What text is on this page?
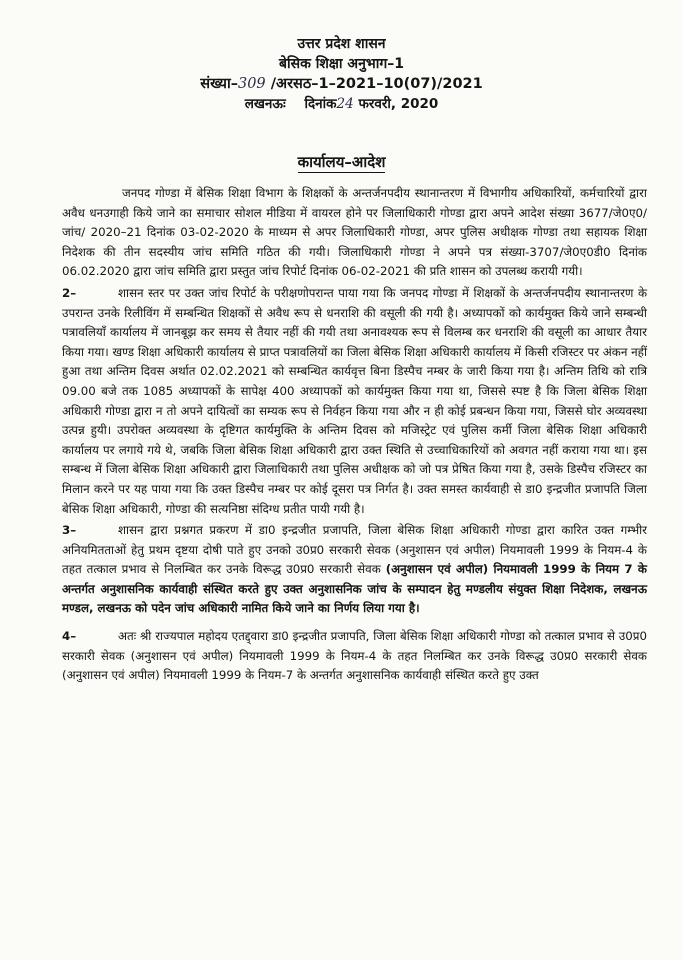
उत्तर प्रदेश शासन
बेसिक शिक्षा अनुभाग–1
संख्या–309 /अरसठ–1–2021–10(07)/2021
लखनऊः दिनांक24 फरवरी, 2020
कार्यालय–आदेश

जनपद गोण्डा में बेसिक शिक्षा विभाग के शिक्षकों के अन्तर्जनपदीय स्थानान्तरण में विभागीय अधिकारियों, कर्मचारियों द्वारा अवैध धनउगाही किये जाने का समाचार सोशल मीडिया में वायरल होने पर जिलाधिकारी गोण्डा द्वारा अपने आदेश संख्या 3677/जे0ए0/जांच/ 2020–21 दिनांक 03-02-2020 के माध्यम से अपर जिलाधिकारी गोण्डा, अपर पुलिस अधीक्षक गोण्डा तथा सहायक शिक्षा निदेशक की तीन सदस्यीय जांच समिति गठित की गयी। जिलाधिकारी गोण्डा ने अपने पत्र संख्या-3707/जे0ए0डी0 दिनांक 06.02.2020 द्वारा जांच समिति द्वारा प्रस्तुत जांच रिपोर्ट दिनांक 06-02-2021 की प्रति शासन को उपलब्ध करायी गयी।

2–	शासन स्तर पर उक्त जांच रिपोर्ट के परीक्षणोपरान्त पाया गया कि जनपद गोण्डा में शिक्षकों के अन्तर्जनपदीय स्थानान्तरण के उपरान्त उनके रिलीविंग में सम्बन्धित शिक्षकों से अवैध रूप से धनराशि की वसूली की गयी है। अध्यापकों को कार्यमुक्त किये जाने सम्बन्धी पत्रावलियाँ कार्यालय में जानबूझ कर समय से तैयार नहीं की गयी तथा अनावश्यक रूप से विलम्ब कर धनराशि की वसूली का आधार तैयार किया गया। खण्ड शिक्षा अधिकारी कार्यालय से प्राप्त पत्रावलियों का जिला बेसिक शिक्षा अधिकारी कार्यालय में किसी रजिस्टर पर अंकन नहीं हुआ तथा अन्तिम दिवस अर्थात 02.02.2021 को सम्बन्धित कार्यवृत्त बिना डिस्पैच नम्बर के जारी किया गया है। अन्तिम तिथि को रात्रि 09.00 बजे तक 1085 अध्यापकों के सापेक्ष 400 अध्यापकों को कार्यमुक्त किया गया था, जिससे स्पष्ट है कि जिला बेसिक शिक्षा अधिकारी गोण्डा द्वारा न तो अपने दायित्वों का सम्यक रूप से निर्वहन किया गया और न ही कोई प्रबन्धन किया गया, जिससे घोर अव्यवस्था उत्पन्न हुयी। उपरोक्त अव्यवस्था के दृष्टिगत कार्यमुक्ति के अन्तिम दिवस को मजिस्ट्रेट एवं पुलिस कर्मी जिला बेसिक शिक्षा अधिकारी कार्यालय पर लगाये गये थे, जबकि जिला बेसिक शिक्षा अधिकारी द्वारा उक्त स्थिति से उच्चाधिकारियों को अवगत नहीं कराया गया था। इस सम्बन्ध में जिला बेसिक शिक्षा अधिकारी द्वारा जिलाधिकारी तथा पुलिस अधीक्षक को जो पत्र प्रेषित किया गया है, उसके डिस्पैच रजिस्टर का मिलान करने पर यह पाया गया कि उक्त डिस्पैच नम्बर पर कोई दूसरा पत्र निर्गत है। उक्त समस्त कार्यवाही से डा0 इन्द्रजीत प्रजापति जिला बेसिक शिक्षा अधिकारी, गोण्डा की सत्यनिष्ठा संदिग्ध प्रतीत पायी गयी है।

3–	शासन द्वारा प्रश्नगत प्रकरण में डा0 इन्द्रजीत प्रजापति, जिला बेसिक शिक्षा अधिकारी गोण्डा द्वारा कारित उक्त गम्भीर अनियमितताओं हेतु प्रथम दृष्टया दोषी पाते हुए उनको उ0प्र0 सरकारी सेवक (अनुशासन एवं अपील) नियमावली 1999 के नियम-4 के तहत तत्काल प्रभाव से निलम्बित कर उनके विरूद्ध उ0प्र0 सरकारी सेवक (अनुशासन एवं अपील) नियमावली 1999 के नियम 7 के अन्तर्गत अनुशासनिक कार्यवाही संस्थित करते हुए उक्त अनुशासनिक जांच के सम्पादन हेतु मण्डलीय संयुक्त शिक्षा निदेशक, लखनऊ मण्डल, लखनऊ को पदेन जांच अधिकारी नामित किये जाने का निर्णय लिया गया है।

4–	अतः श्री राज्यपाल महोदय एतद्द्वारा डा0 इन्द्रजीत प्रजापति, जिला बेसिक शिक्षा अधिकारी गोण्डा को तत्काल प्रभाव से उ0प्र0 सरकारी सेवक (अनुशासन एवं अपील) नियमावली 1999 के नियम-4 के तहत निलम्बित कर उनके विरूद्ध उ0प्र0 सरकारी सेवक (अनुशासन एवं अपील) नियमावली 1999 के नियम-7 के अन्तर्गत अनुशासनिक कार्यवाही संस्थित करते हुए उक्त
